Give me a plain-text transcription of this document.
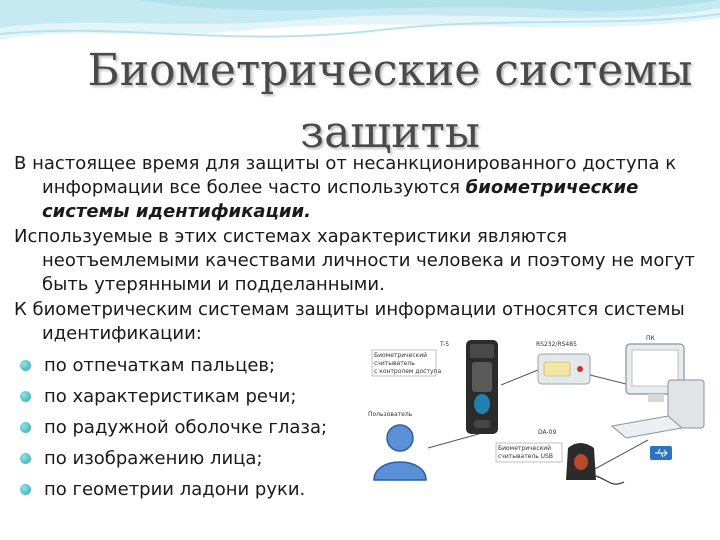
Биометрические системы
защиты

В настоящее время для защиты от несанкционированного доступа к информации все более часто используются биометрические системы идентификации.

Используемые в этих системах характеристики являются неотъемлемыми качествами личности человека и поэтому не могут быть утерянными и подделанными.

К биометрическим системам защиты информации относятся системы идентификации:

по отпечаткам пальцев;
по характеристикам речи;
по радужной оболочке глаза;
по изображению лица;
по геометрии ладони руки.
T-5
Биометрический
считыватель
с контролем доступа
RS232/RS485
ПК
Пользователь
DA-09
Биометрический
считыватель USB
